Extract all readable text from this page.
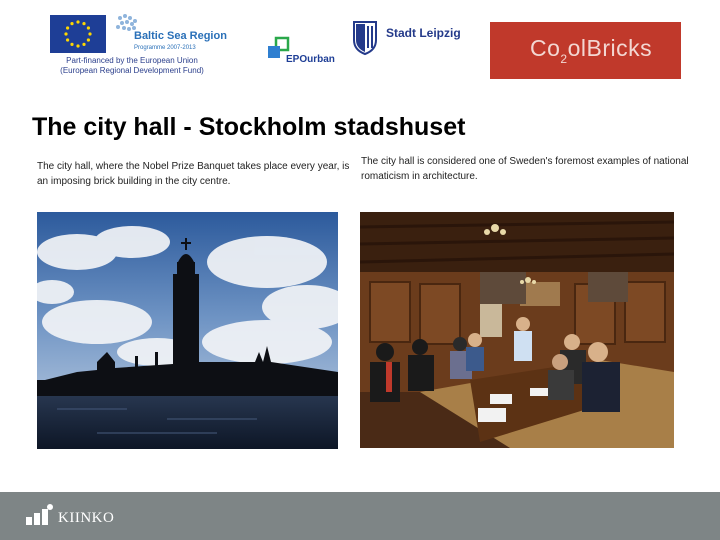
Baltic Sea Region
Programme 2007-2013
Part-financed by the European Union
(European Regional Development Fund)
EPOurban
Stadt Leipzig
$Co_2olBricks$
The city hall - Stockholm stadshuset
The city hall, where the Nobel Prize Banquet takes place every year, is an imposing brick building in the city centre.
The city hall is considered one of Sweden's foremost examples of national romaticism in architecture.
KIINKO
